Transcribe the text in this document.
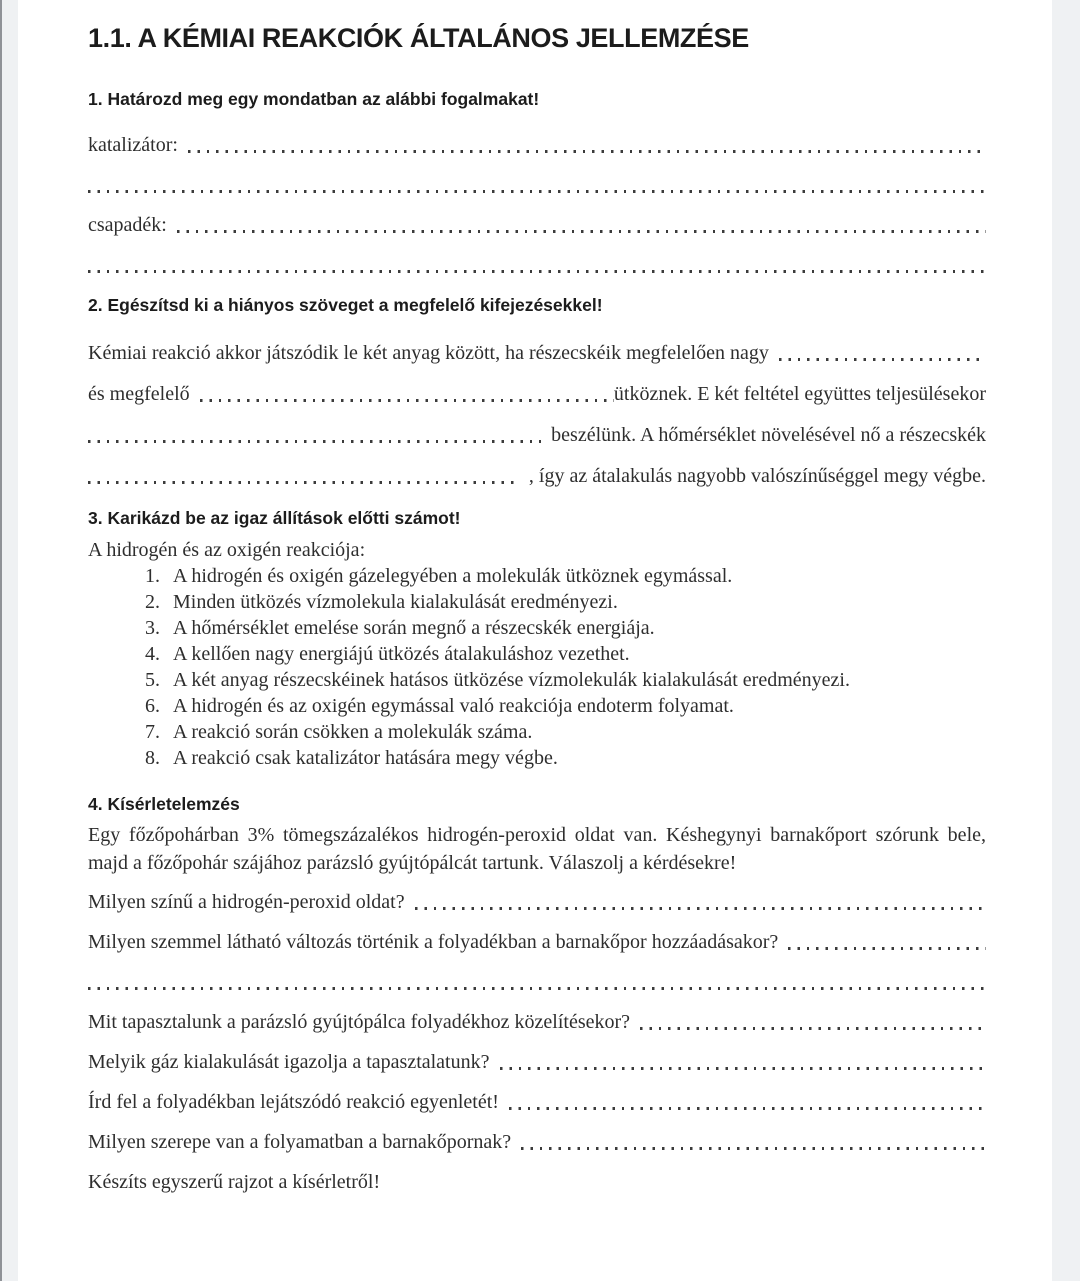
1.1. A KÉMIAI REAKCIÓK ÁLTALÁNOS JELLEMZÉSE
1. Határozd meg egy mondatban az alábbi fogalmakat!
katalizátor:
csapadék:
2. Egészítsd ki a hiányos szöveget a megfelelő kifejezésekkel!
Kémiai reakció akkor játszódik le két anyag között, ha részecskéik megfelelően nagy
és megfelelő	ütköznek. E két feltétel együttes teljesülésekor
beszélünk. A hőmérséklet növelésével nő a részecskék
, így az átalakulás nagyobb valószínűséggel megy végbe.
3. Karikázd be az igaz állítások előtti számot!

A hidrogén és az oxigén reakciója:

1. A hidrogén és oxigén gázelegyében a molekulák ütköznek egymással.
2. Minden ütközés vízmolekula kialakulását eredményezi.
3. A hőmérséklet emelése során megnő a részecskék energiája.
4. A kellően nagy energiájú ütközés átalakuláshoz vezethet.
5. A két anyag részecskéinek hatásos ütközése vízmolekulák kialakulását eredményezi.
6. A hidrogén és az oxigén egymással való reakciója endoterm folyamat.
7. A reakció során csökken a molekulák száma.
8. A reakció csak katalizátor hatására megy végbe.
4. Kísérletelemzés

Egy főzőpohárban 3% tömegszázalékos hidrogén-peroxid oldat van. Késhegynyi barnakőport szórunk bele, majd a főzőpohár szájához parázsló gyújtópálcát tartunk. Válaszolj a kérdésekre!

Milyen színű a hidrogén-peroxid oldat?
Milyen szemmel látható változás történik a folyadékban a barnakőpor hozzáadásakor?
Mit tapasztalunk a parázsló gyújtópálca folyadékhoz közelítésekor?
Melyik gáz kialakulását igazolja a tapasztalatunk?
Írd fel a folyadékban lejátszódó reakció egyenletét!
Milyen szerepe van a folyamatban a barnakőpornak?

Készíts egyszerű rajzot a kísérletről!
